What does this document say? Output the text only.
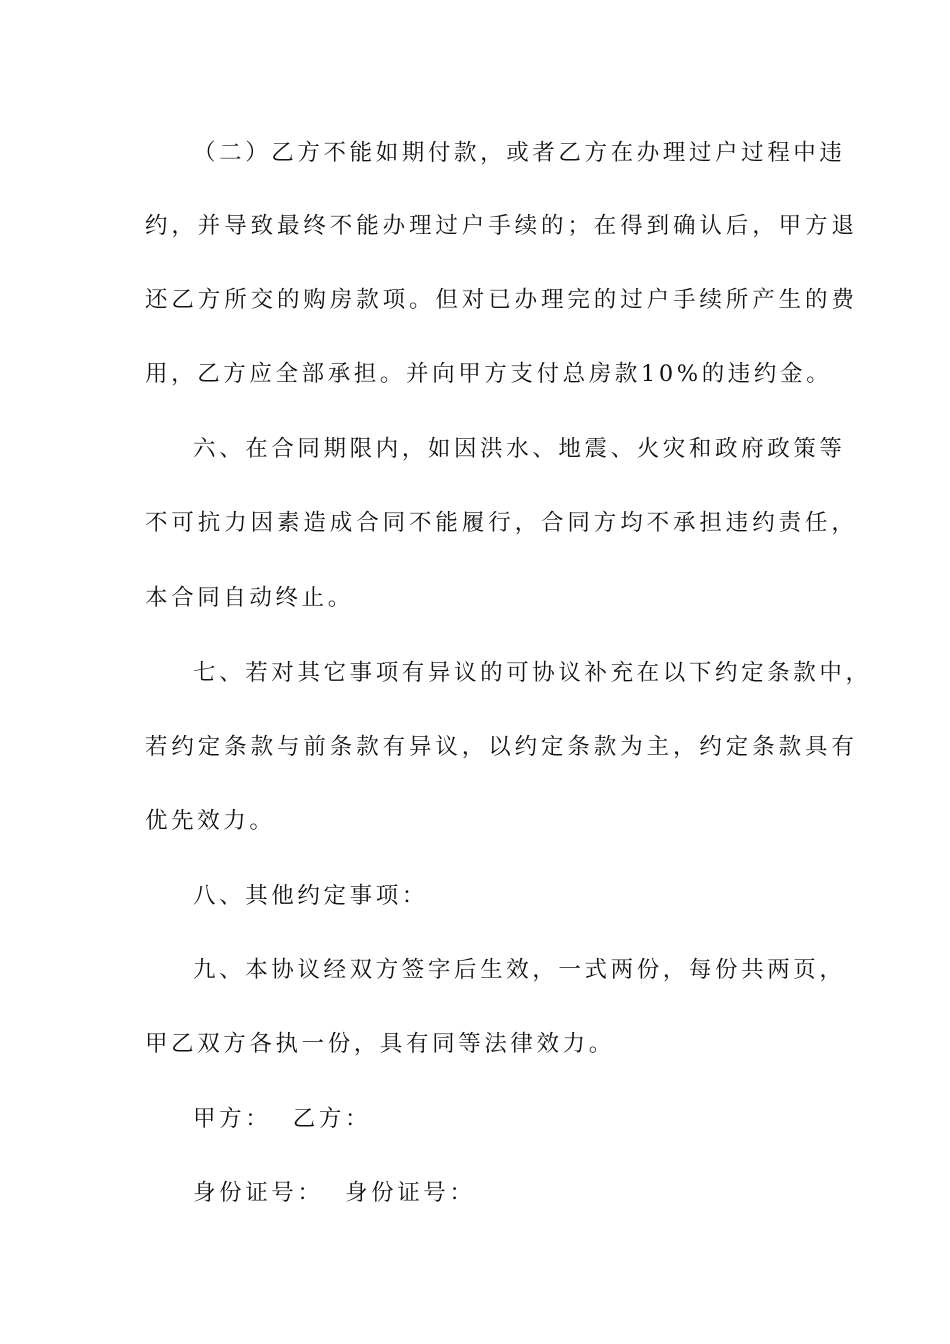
（二）乙方不能如期付款，或者乙方在办理过户过程中违
约，并导致最终不能办理过户手续的；在得到确认后，甲方退
还乙方所交的购房款项。但对已办理完的过户手续所产生的费
用，乙方应全部承担。并向甲方支付总房款10%的违约金。
六、在合同期限内，如因洪水、地震、火灾和政府政策等
不可抗力因素造成合同不能履行，合同方均不承担违约责任，
本合同自动终止。
七、若对其它事项有异议的可协议补充在以下约定条款中，
若约定条款与前条款有异议，以约定条款为主，约定条款具有
优先效力。
八、其他约定事项：
九、本协议经双方签字后生效，一式两份，每份共两页，
甲乙双方各执一份，具有同等法律效力。
甲方：  乙方：
身份证号：  身份证号：
